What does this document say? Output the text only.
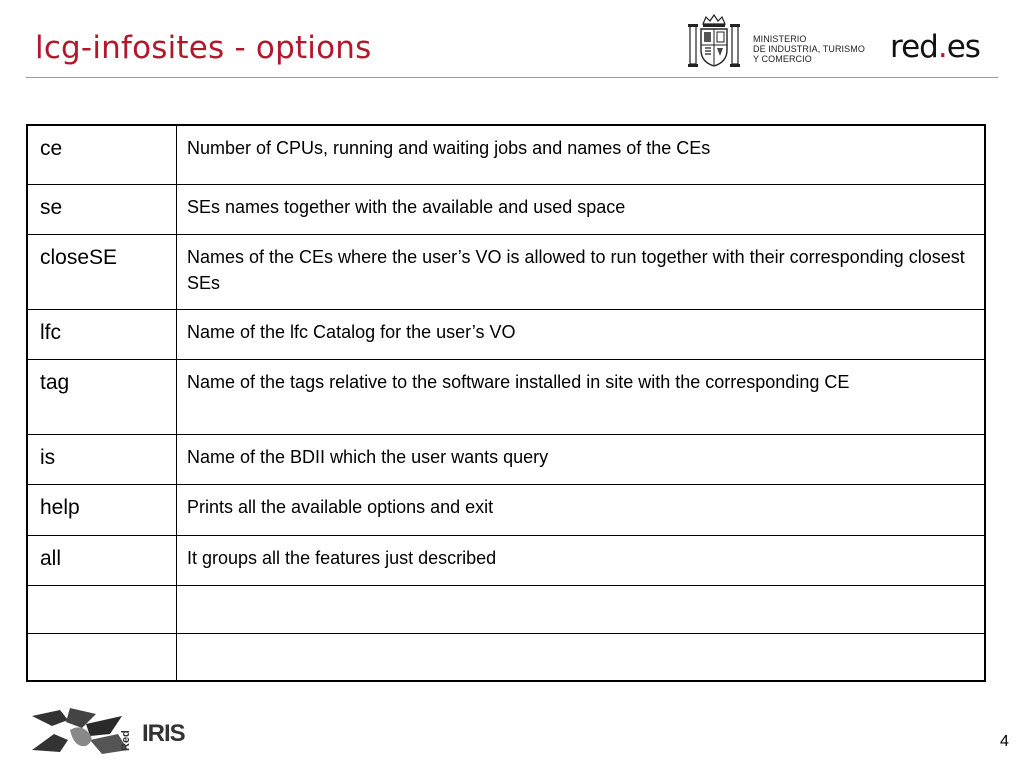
lcg-infosites - options	MINISTERIO
DE INDUSTRIA, TURISMO
Y COMERCIO	red.es
ce	Number of CPUs, running and waiting jobs and names of the CEs
se	SEs names together with the available and used space
closeSE	Names of the CEs where the user’s VO is allowed to run together with their corresponding closest SEs
lfc	Name of the lfc Catalog for the user’s VO
tag	Name of the tags relative to the software installed in site with the corresponding CE
is	Name of the BDII which the user wants query
help	Prints all the available options and exit
all	It groups all the features just described

Red IRIS	4
